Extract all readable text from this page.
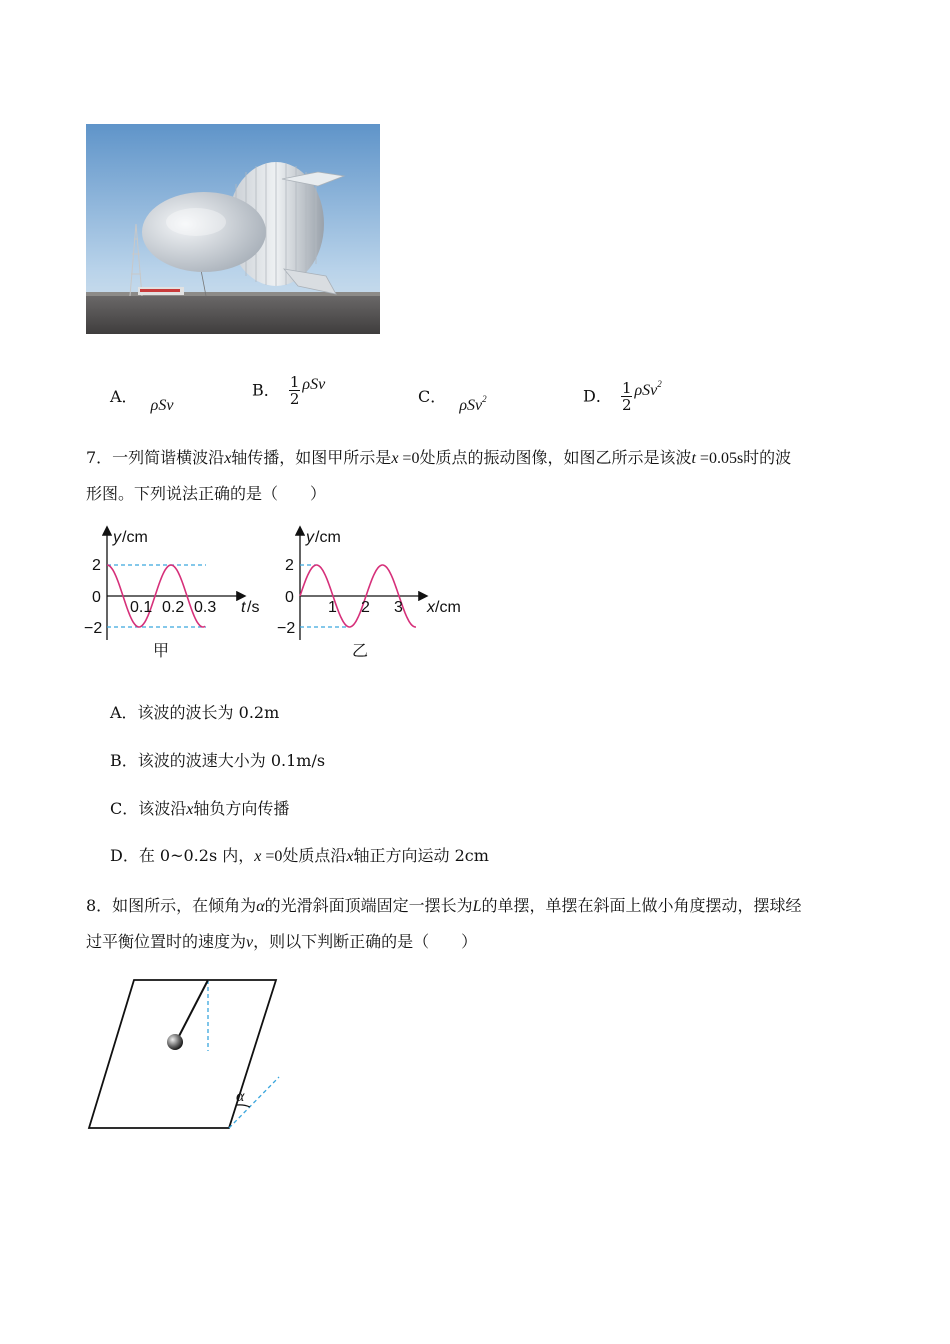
A． ρSv
B． $\frac{1}{2}$ ρSv
C． ρSv$^2$	D． $\frac{1}{2} \rho Sv^2$
7．一列简谐横波沿x轴传播，如图甲所示是x =0处质点的振动图像，如图乙所示是该波t =0.05s时的波
形图。下列说法正确的是（　　）
y /cm
2
0
−2
0.1 0.2 0.3 t /s
甲
y /cm
2
0
−2
1 2 3 x /cm
乙
A．该波的波长为 0.2m
B．该波的波速大小为 0.1m/s
C．该波沿x轴负方向传播
D．在 0~0.2s 内，x =0处质点沿x轴正方向运动 2cm
8．如图所示，在倾角为α的光滑斜面顶端固定一摆长为L的单摆，单摆在斜面上做小角度摆动，摆球经
过平衡位置时的速度为v，则以下判断正确的是（　　）
α
